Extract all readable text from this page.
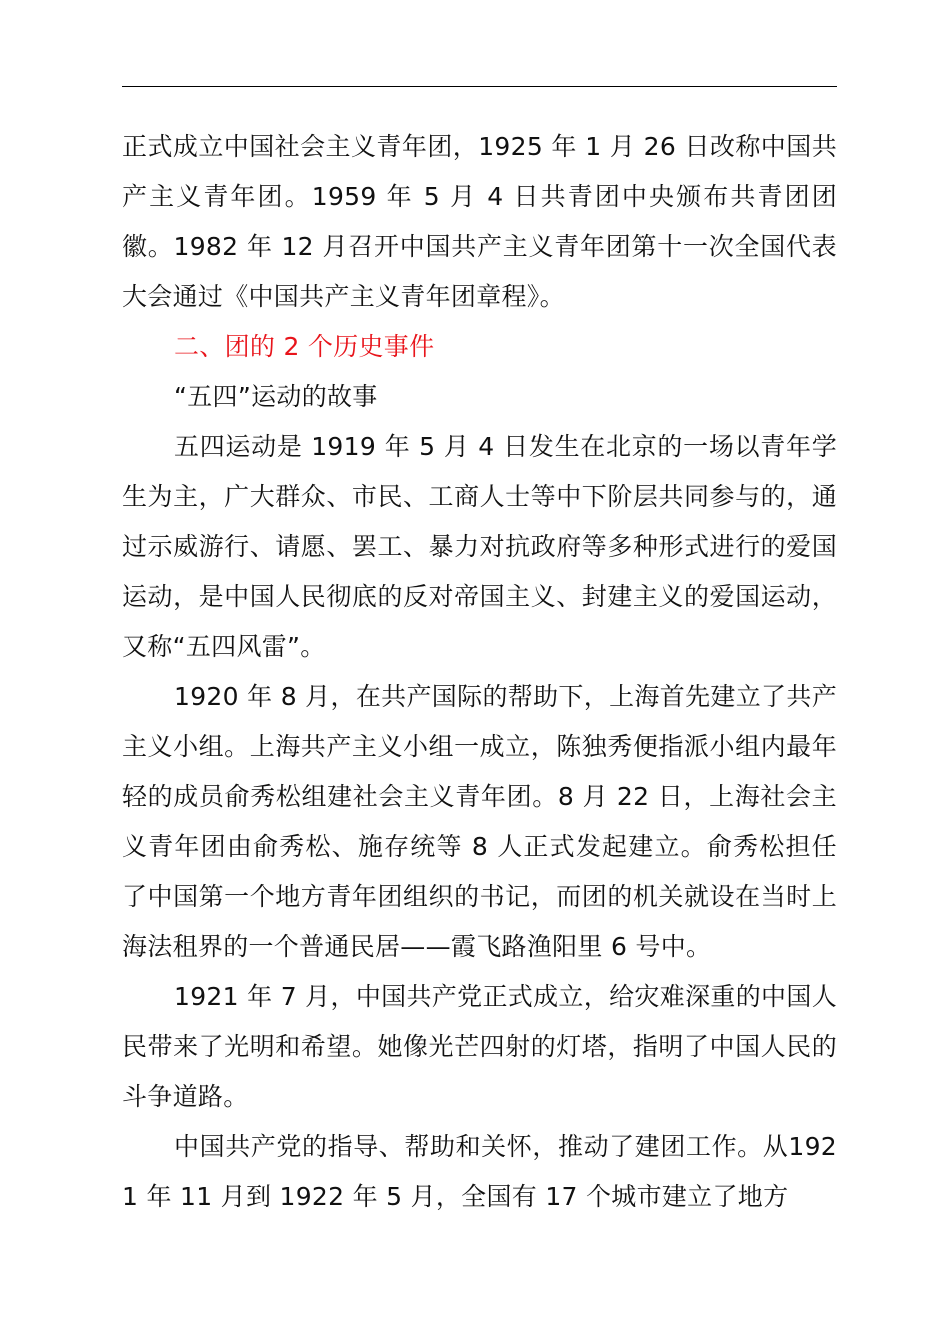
正式成立中国社会主义青年团，1925 年 1 月 26 日改称中国共产主义青年团。1959 年 5 月 4 日共青团中央颁布共青团团徽。1982 年 12 月召开中国共产主义青年团第十一次全国代表大会通过《中国共产主义青年团章程》。

二、团的 2 个历史事件

“五四”运动的故事

五四运动是 1919 年 5 月 4 日发生在北京的一场以青年学生为主，广大群众、市民、工商人士等中下阶层共同参与的，通过示威游行、请愿、罢工、暴力对抗政府等多种形式进行的爱国运动，是中国人民彻底的反对帝国主义、封建主义的爱国运动，又称“五四风雷”。

1920 年 8 月，在共产国际的帮助下，上海首先建立了共产主义小组。上海共产主义小组一成立，陈独秀便指派小组内最年轻的成员俞秀松组建社会主义青年团。8 月 22 日，上海社会主义青年团由俞秀松、施存统等 8 人正式发起建立。俞秀松担任了中国第一个地方青年团组织的书记，而团的机关就设在当时上海法租界的一个普通民居——霞飞路渔阳里 6 号中。

1921 年 7 月，中国共产党正式成立，给灾难深重的中国人民带来了光明和希望。她像光芒四射的灯塔，指明了中国人民的斗争道路。

中国共产党的指导、帮助和关怀，推动了建团工作。从1921 年 11 月到 1922 年 5 月，全国有 17 个城市建立了地方
